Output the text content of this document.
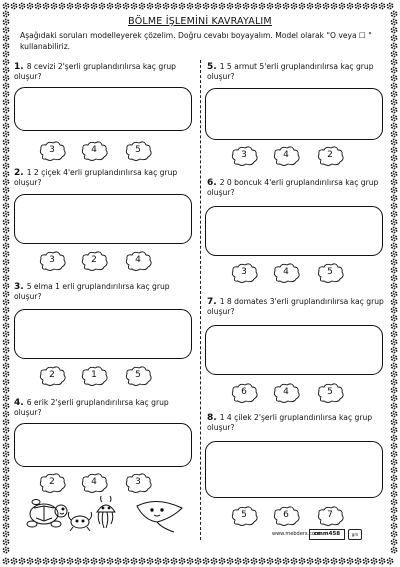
BÖLME İŞLEMİNİ KAVRAYALIM
Aşağıdaki soruları modelleyerek çözelim. Doğru cevabı boyayalım. Model olarak "O veya ☐ " kullanabiliriz.
1. 8 cevizi 2'şerli gruplandırılırsa kaç grup oluşur?
2. 1 2 çiçek 4'erli gruplandırılırsa kaç grup oluşur?
3. 5 elma 1 erli gruplandırılırsa kaç grup oluşur?
4. 6 erik 2'şerli gruplandırılırsa kaç grup oluşur?
5. 1 5 armut 5'erli gruplandırılırsa kaç grup oluşur?
6. 2 0 boncuk 4'erli gruplandırılırsa kaç grup oluşur?
7. 1 8 domates 3'erli gruplandırılırsa kaç grup oluşur?
8. 1 4 çilek 2'şerli gruplandırılırsa kaç grup oluşur?
3	4	5
3	2	4
2	1	5
2	4	3
3	4	2
3	4	5
6	4	5
5	6	7
www.mebders.com
cmm458	gm
